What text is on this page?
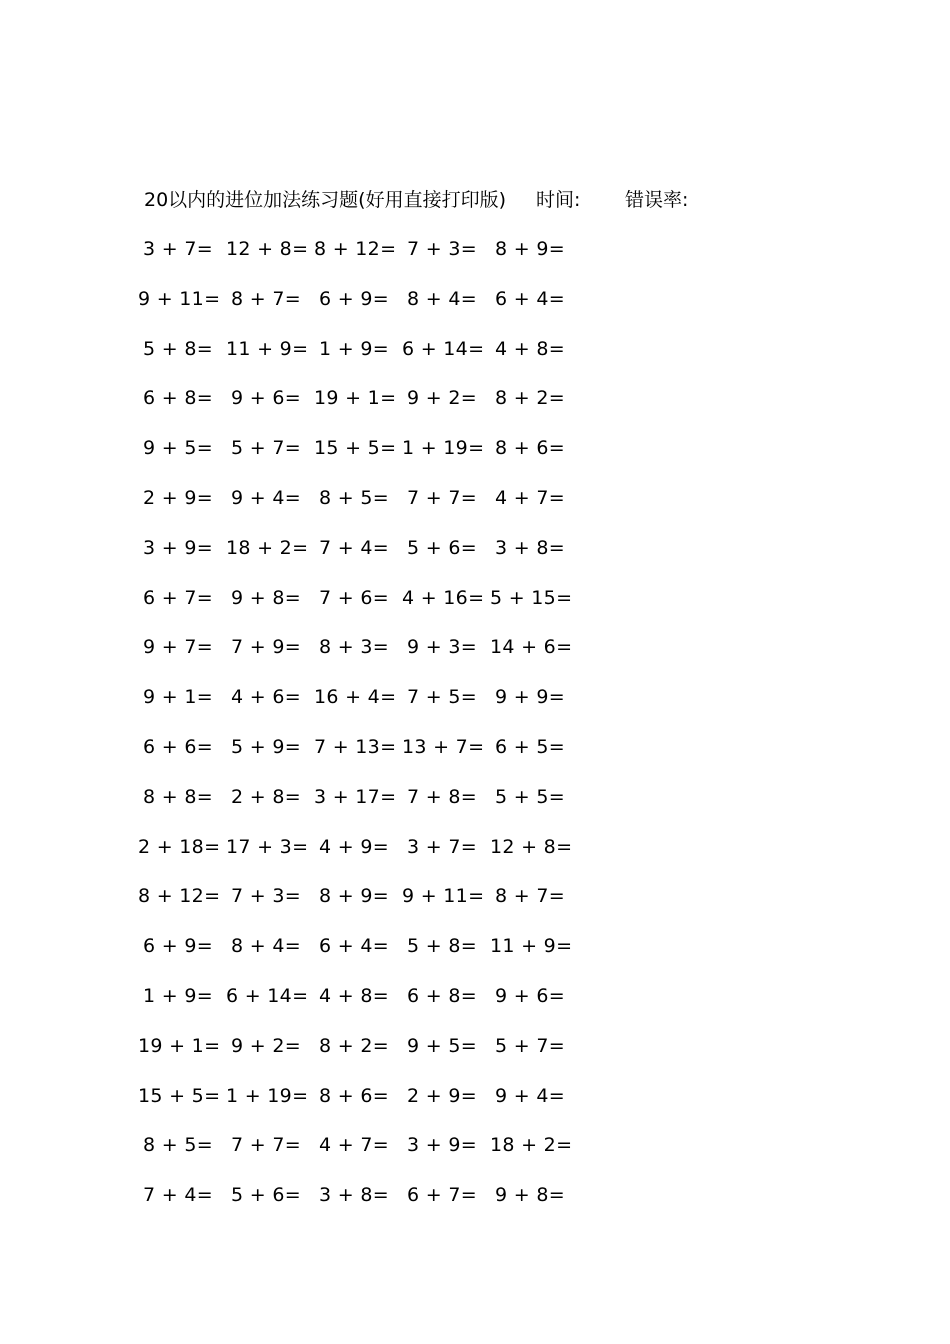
20以内的进位加法练习题(好用直接打印版) 时间: 错误率:
3 + 7= 12 + 8= 8 + 12= 7 + 3= 8 + 9=
9 + 11= 8 + 7= 6 + 9= 8 + 4= 6 + 4=
5 + 8= 11 + 9= 1 + 9= 6 + 14= 4 + 8=
6 + 8= 9 + 6= 19 + 1= 9 + 2= 8 + 2=
9 + 5= 5 + 7= 15 + 5= 1 + 19= 8 + 6=
2 + 9= 9 + 4= 8 + 5= 7 + 7= 4 + 7=
3 + 9= 18 + 2= 7 + 4= 5 + 6= 3 + 8=
6 + 7= 9 + 8= 7 + 6= 4 + 16= 5 + 15=
9 + 7= 7 + 9= 8 + 3= 9 + 3= 14 + 6=
9 + 1= 4 + 6= 16 + 4= 7 + 5= 9 + 9=
6 + 6= 5 + 9= 7 + 13= 13 + 7= 6 + 5=
8 + 8= 2 + 8= 3 + 17= 7 + 8= 5 + 5=
2 + 18= 17 + 3= 4 + 9= 3 + 7= 12 + 8=
8 + 12= 7 + 3= 8 + 9= 9 + 11= 8 + 7=
6 + 9= 8 + 4= 6 + 4= 5 + 8= 11 + 9=
1 + 9= 6 + 14= 4 + 8= 6 + 8= 9 + 6=
19 + 1= 9 + 2= 8 + 2= 9 + 5= 5 + 7=
15 + 5= 1 + 19= 8 + 6= 2 + 9= 9 + 4=
8 + 5= 7 + 7= 4 + 7= 3 + 9= 18 + 2=
7 + 4= 5 + 6= 3 + 8= 6 + 7= 9 + 8=
